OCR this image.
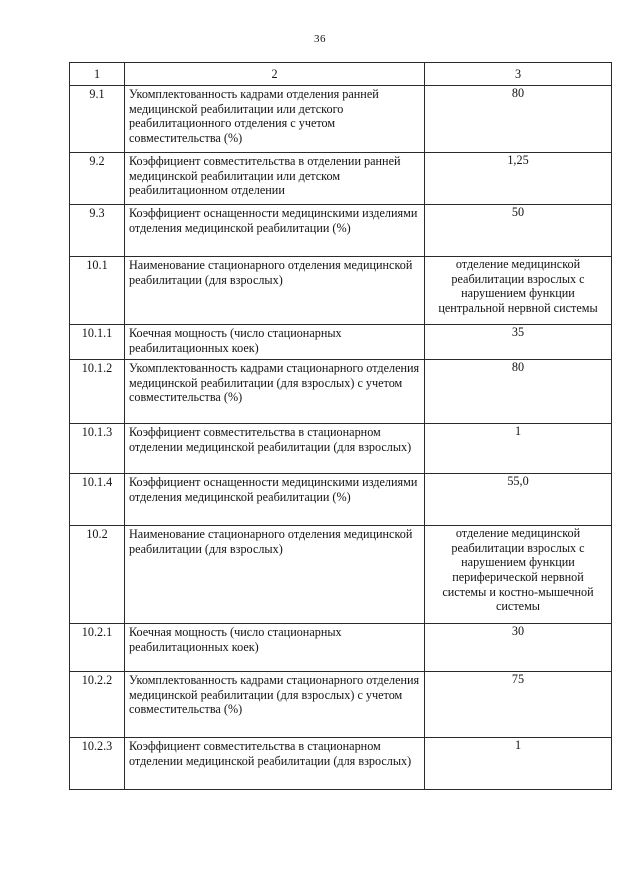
36
1	2	3
9.1	Укомплектованность кадрами отделения ранней медицинской реабилитации или детского реабилитационного отделения с учетом совместительства (%)	80
9.2	Коэффициент совместительства в отделении ранней медицинской реабилитации или детском реабилитационном отделении	1,25
9.3	Коэффициент оснащенности медицинскими изделиями отделения медицинской реабилитации (%)	50
10.1	Наименование стационарного отделения медицинской реабилитации (для взрослых)	отделение медицинской реабилитации взрослых с нарушением функции центральной нервной системы
10.1.1	Коечная мощность (число стационарных реабилитационных коек)	35
10.1.2	Укомплектованность кадрами стационарного отделения медицинской реабилитации (для взрослых) с учетом совместительства (%)	80
10.1.3	Коэффициент совместительства в стационарном отделении медицинской реабилитации (для взрослых)	1
10.1.4	Коэффициент оснащенности медицинскими изделиями отделения медицинской реабилитации (%)	55,0
10.2	Наименование стационарного отделения медицинской реабилитации (для взрослых)	отделение медицинской реабилитации взрослых с нарушением функции периферической нервной системы и костно-мышечной системы
10.2.1	Коечная мощность (число стационарных реабилитационных коек)	30
10.2.2	Укомплектованность кадрами стационарного отделения медицинской реабилитации (для взрослых) с учетом совместительства (%)	75
10.2.3	Коэффициент совместительства в стационарном отделении медицинской реабилитации (для взрослых)	1
